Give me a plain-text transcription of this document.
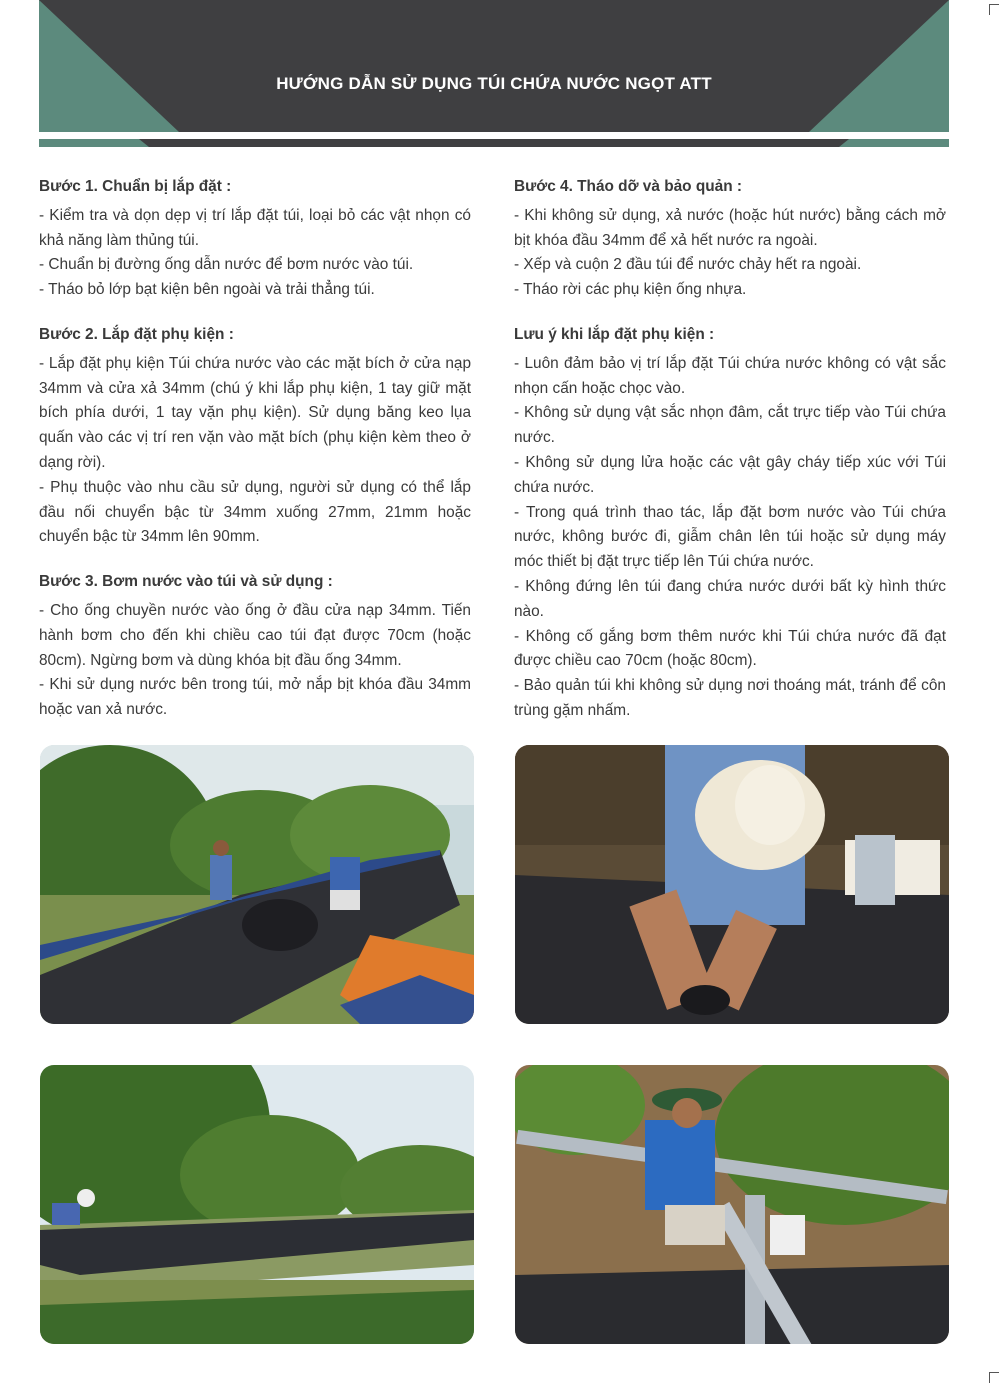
HƯỚNG DẪN SỬ DỤNG TÚI CHỨA NƯỚC NGỌT ATT
Bước 1. Chuẩn bị lắp đặt :

- Kiểm tra và dọn dẹp vị trí lắp đặt túi, loại bỏ các vật nhọn có khả năng làm thủng túi.

- Chuẩn bị đường ống dẫn nước để bơm nước vào túi.

- Tháo bỏ lớp bạt kiện bên ngoài và trải thẳng túi.

Bước 2. Lắp đặt phụ kiện :

- Lắp đặt phụ kiện Túi chứa nước vào các mặt bích ở cửa nạp 34mm và cửa xả 34mm (chú ý khi lắp phụ kiện, 1 tay giữ mặt bích phía dưới, 1 tay vặn phụ kiện). Sử dụng băng keo lụa quấn vào các vị trí ren vặn vào mặt bích (phụ kiện kèm theo ở dạng rời).

- Phụ thuộc vào nhu cầu sử dụng, người sử dụng có thể lắp đầu nối chuyển bậc từ 34mm xuống 27mm, 21mm hoặc chuyển bậc từ 34mm lên 90mm.

Bước 3. Bơm nước vào túi và sử dụng :

- Cho ống chuyền nước vào ống ở đầu cửa nạp 34mm. Tiến hành bơm cho đến khi chiều cao túi đạt được 70cm (hoặc 80cm). Ngừng bơm và dùng khóa bịt đầu ống 34mm.

- Khi sử dụng nước bên trong túi, mở nắp bịt khóa đầu 34mm hoặc van xả nước.

Bước 4. Tháo dỡ và bảo quản :

- Khi không sử dụng, xả nước (hoặc hút nước) bằng cách mở bịt khóa đầu 34mm để xả hết nước ra ngoài.

- Xếp và cuộn 2 đầu túi để nước chảy hết ra ngoài.

- Tháo rời các phụ kiện ống nhựa.

Lưu ý khi lắp đặt phụ kiện :

- Luôn đảm bảo vị trí lắp đặt Túi chứa nước không có vật sắc nhọn cấn hoặc chọc vào.

- Không sử dụng vật sắc nhọn đâm, cắt trực tiếp vào Túi chứa nước.

- Không sử dụng lửa hoặc các vật gây cháy tiếp xúc với Túi chứa nước.

- Trong quá trình thao tác, lắp đặt bơm nước vào Túi chứa nước, không bước đi, giẫm chân lên túi hoặc sử dụng máy móc thiết bị đặt trực tiếp lên Túi chứa nước.

- Không đứng lên túi đang chứa nước dưới bất kỳ hình thức nào.

- Không cố gắng bơm thêm nước khi Túi chứa nước đã đạt được chiều cao 70cm (hoặc 80cm).

- Bảo quản túi khi không sử dụng nơi thoáng mát, tránh để côn trùng gặm nhấm.
